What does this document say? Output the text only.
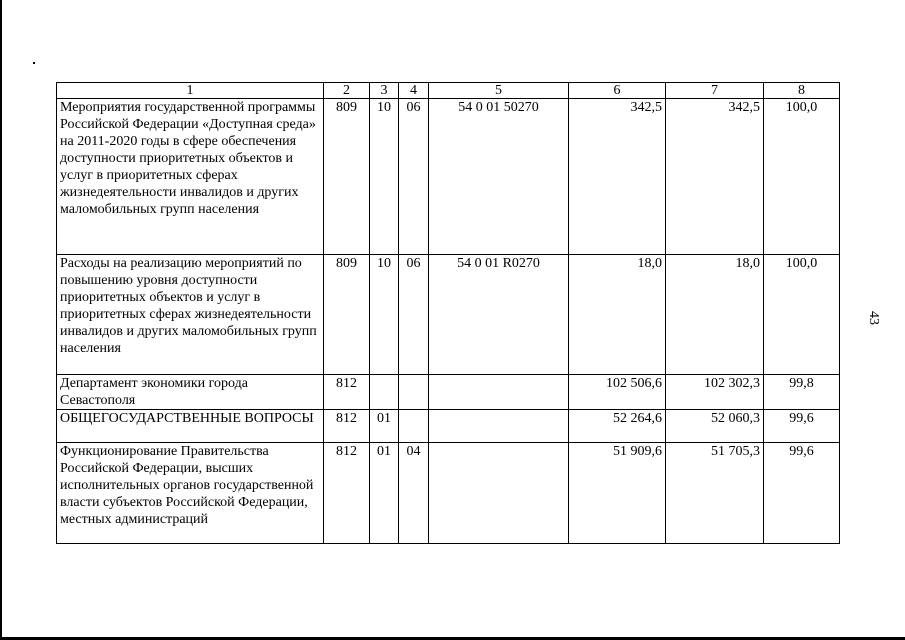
43
1	2	3	4	5	6	7	8
Мероприятия государственной программы Российской Федерации «Доступная среда» на 2011-2020 годы в сфере обеспечения доступности приоритетных объектов и услуг в приоритетных сферах жизнедеятельности инвалидов и других маломобильных групп населения	809	10	06	54 0 01 50270	342,5	342,5	100,0
Расходы на реализацию мероприятий по повышению уровня доступности приоритетных объектов и услуг в приоритетных сферах жизнедеятельности инвалидов и других маломобильных групп населения	809	10	06	54 0 01 R0270	18,0	18,0	100,0
Департамент экономики города Севастополя	812				102 506,6	102 302,3	99,8
ОБЩЕГОСУДАРСТВЕННЫЕ ВОПРОСЫ	812	01			52 264,6	52 060,3	99,6
Функционирование Правительства Российской Федерации, высших исполнительных органов государственной власти субъектов Российской Федерации, местных администраций	812	01	04		51 909,6	51 705,3	99,6
